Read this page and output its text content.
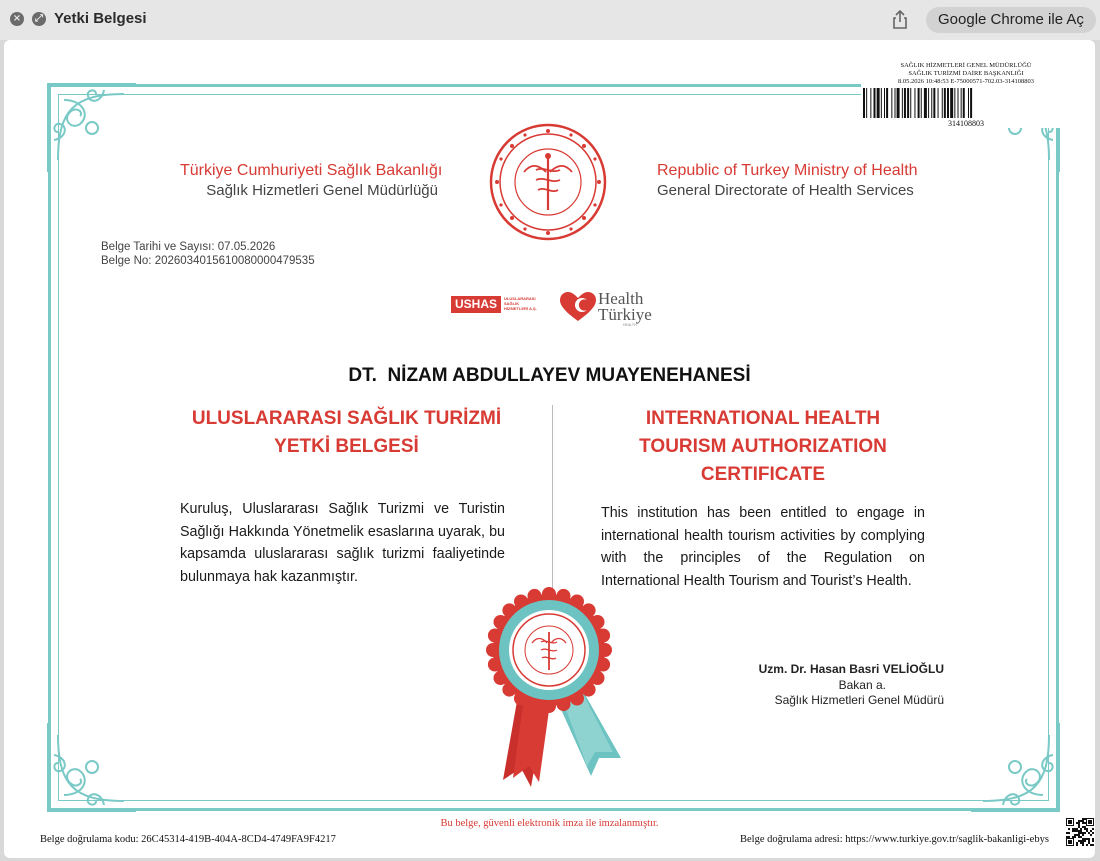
×	⤢ Yetki Belgesi	Google Chrome ile Aç
SAĞLIK HİZMETLERİ GENEL MÜDÜRLÜĞÜ
SAĞLIK TURİZMİ DAİRE BAŞKANLIĞI
8.05.2026 10:48:53 E-75000571-702.03-314108803
314108803
Türkiye Cumhuriyeti Sağlık Bakanlığı
Sağlık Hizmetleri Genel Müdürlüğü
Republic of Turkey Ministry of Health
General Directorate of Health Services
Belge Tarihi ve Sayısı: 07.05.2026
Belge No: 20260340156100800004795​35
USHAS	ULUSLARARASI
SAĞLIK
HİZMETLERİ A.Ş.
Health
Türkiye
HEALTH
DT.  NİZAM ABDULLAYEV MUAYENEHANESİ
ULUSLARARASI SAĞLIK TURİZMİ
YETKİ BELGESİ
INTERNATIONAL HEALTH
TOURISM AUTHORIZATION
CERTIFICATE
Kuruluş, Uluslararası Sağlık Turizmi ve Turistin Sağlığı Hakkında Yönetmelik esaslarına uyarak, bu kapsamda uluslararası sağlık turizmi faaliyetinde bulunmaya hak kazanmıştır.
This institution has been entitled to engage in international health tourism activities by complying with the principles of the Regulation on International Health Tourism and Tourist’s Health.
Uzm. Dr. Hasan Basri VELİOĞLU
Bakan a.
Sağlık Hizmetleri Genel Müdürü
Bu belge, güvenli elektronik imza ile imzalanmıştır.
Belge doğrulama kodu: 26C45314-419B-404A-8CD4-4749FA9F4217	Belge doğrulama adresi: https://www.turkiye.gov.tr/saglik-bakanligi-ebys
